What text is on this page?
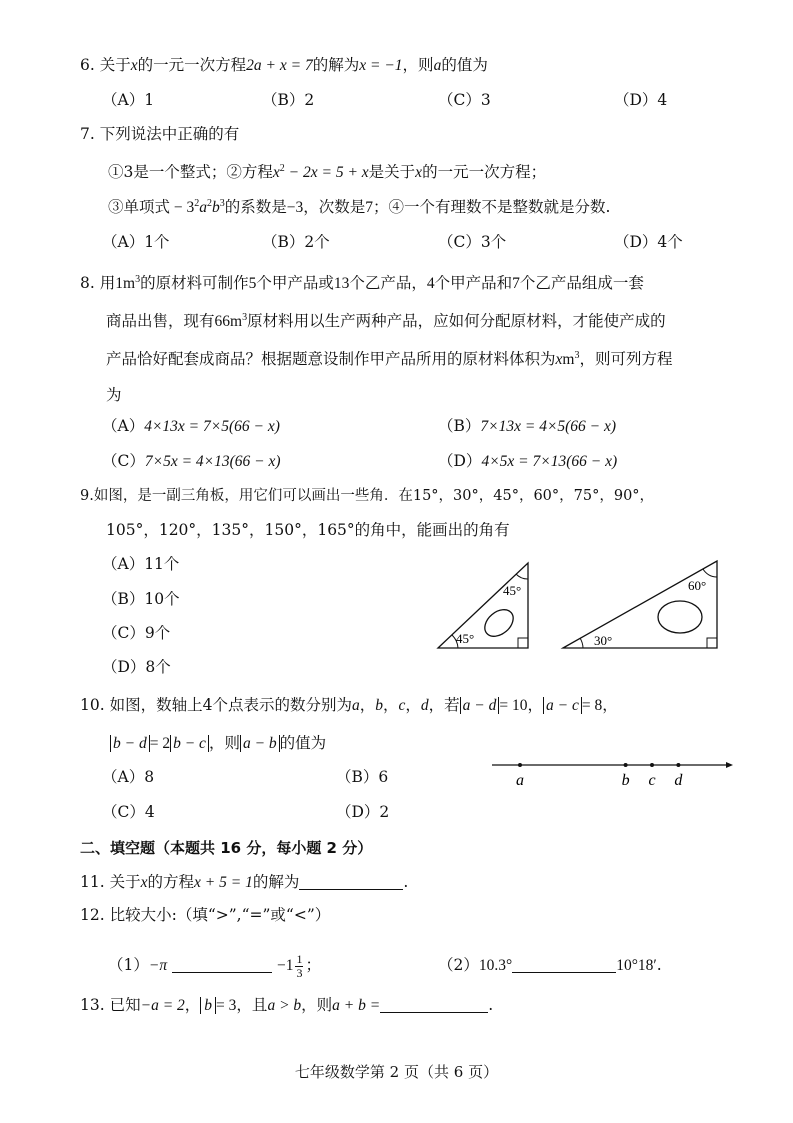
6. 关于x的一元一次方程2a + x = 7的解为x = −1，则a的值为
（A）1	（B）2	（C）3	（D）4
7. 下列说法中正确的有
①3是一个整式；②方程$x^2 - 2x = 5 + x$是关于x的一元一次方程；
③单项式 − $3^2a^2b^3$的系数是−3，次数是7；④一个有理数不是整数就是分数.
（A）1个	（B）2个	（C）3个	（D）4个
8. 用$1m^3$的原材料可制作5个甲产品或13个乙产品，4个甲产品和7个乙产品组成一套
商品出售，现有$66m^3$原材料用以生产两种产品，应如何分配原材料，才能使产成的
产品恰好配套成商品？根据题意设制作甲产品所用的原材料体积为$xm^3$，则可列方程
为
（A）4×13x = 7×5(66 − x)	（B）7×13x = 4×5(66 − x)
（C）7×5x = 4×13(66 − x)	（D）4×5x = 7×13(66 − x)
9.如图，是一副三角板，用它们可以画出一些角．在15°，30°，45°，60°，75°，90°，
105°，120°，135°，150°，165°的角中，能画出的角有
（A）11个
（B）10个
（C）9个
（D）8个
45°
45°
60°
30°
10. 如图，数轴上4个点表示的数分别为a，b，c，d，若 a − d = 10， a − c = 8，
b − d = 2 b − c ，则 a − b 的值为
（A）8	（B）6
（C）4	（D）2
a	b c d
二、填空题（本题共 16 分，每小题 2 分）
11. 关于x的方程x + 5 = 1的解为	.
12. 比较大小:（填“>”,“=”或“<”）
（1）−π	$-1 \frac{1}{3}$ ；	（2）10.3°	10°18′.
13. 已知−a = 2， b = 3，且a > b，则a + b =	.
七年级数学第 2 页（共 6 页）
